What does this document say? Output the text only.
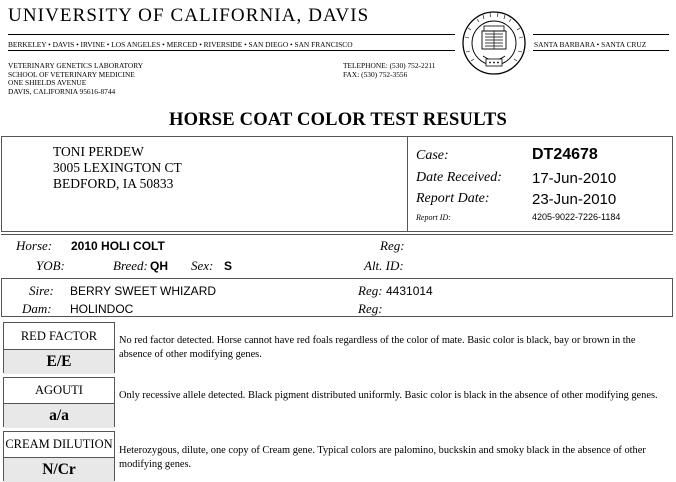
UNIVERSITY OF CALIFORNIA, DAVIS
BERKELEY • DAVIS • IRVINE • LOS ANGELES • MERCED • RIVERSIDE • SAN DIEGO • SAN FRANCISCO	SANTA BARBARA • SANTA CRUZ
VETERINARY GENETICS LABORATORY
SCHOOL OF VETERINARY MEDICINE
ONE SHIELDS AVENUE
DAVIS, CALIFORNIA 95616-8744
TELEPHONE: (530) 752-2211
FAX: (530) 752-3556
HORSE COAT COLOR TEST RESULTS
TONI PERDEW
3005 LEXINGTON CT
BEDFORD, IA 50833
Case:	DT24678
Date Received: 17-Jun-2010
Report Date:	23-Jun-2010
Report ID:	4205-9022-7226-1184
Horse: 2010 HOLI COLT	Reg:
YOB:	Breed: QH Sex: S	Alt. ID:
Sire: BERRY SWEET WHIZARD	Reg: 4431014
Dam: HOLINDOC	Reg:
RED FACTOR
E/E
No red factor detected. Horse cannot have red foals regardless of the color of mate. Basic color is black, bay or brown in the absence of other modifying genes.
AGOUTI
a/a
Only recessive allele detected. Black pigment distributed uniformly. Basic color is black in the absence of other modifying genes.
CREAM DILUTION
N/Cr
Heterozygous, dilute, one copy of Cream gene. Typical colors are palomino, buckskin and smoky black in the absence of other modifying genes.
